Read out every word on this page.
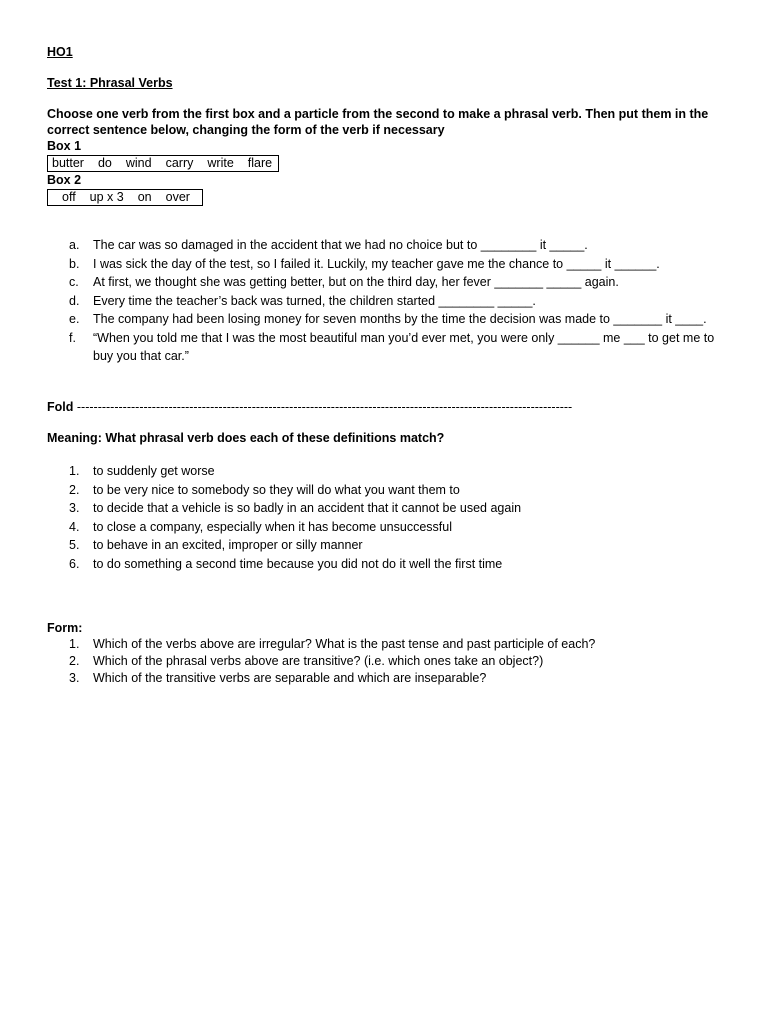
HO1
Test 1: Phrasal Verbs
Choose one verb from the first box and a particle from the second to make a phrasal verb. Then put them in the
correct sentence below, changing the form of the verb if necessary
Box 1
butter do wind carry write flare
Box 2
off up x 3 on over
a. The car was so damaged in the accident that we had no choice but to ________ it _____.
b. I was sick the day of the test, so I failed it. Luckily, my teacher gave me the chance to _____ it ______.
c. At first, we thought she was getting better, but on the third day, her fever _______ _____ again.
d. Every time the teacher’s back was turned, the children started ________ _____.
e. The company had been losing money for seven months by the time the decision was made to _______ it ____.
f. “When you told me that I was the most beautiful man you’d ever met, you were only ______ me ___ to get me to buy you that car.”
Fold -----------------------------------------------------------------------------------------------------------------------
Meaning: What phrasal verb does each of these definitions match?
1. to suddenly get worse
2. to be very nice to somebody so they will do what you want them to
3. to decide that a vehicle is so badly in an accident that it cannot be used again
4. to close a company, especially when it has become unsuccessful
5. to behave in an excited, improper or silly manner
6. to do something a second time because you did not do it well the first time
Form:
1. Which of the verbs above are irregular? What is the past tense and past participle of each?
2. Which of the phrasal verbs above are transitive? (i.e. which ones take an object?)
3. Which of the transitive verbs are separable and which are inseparable?
